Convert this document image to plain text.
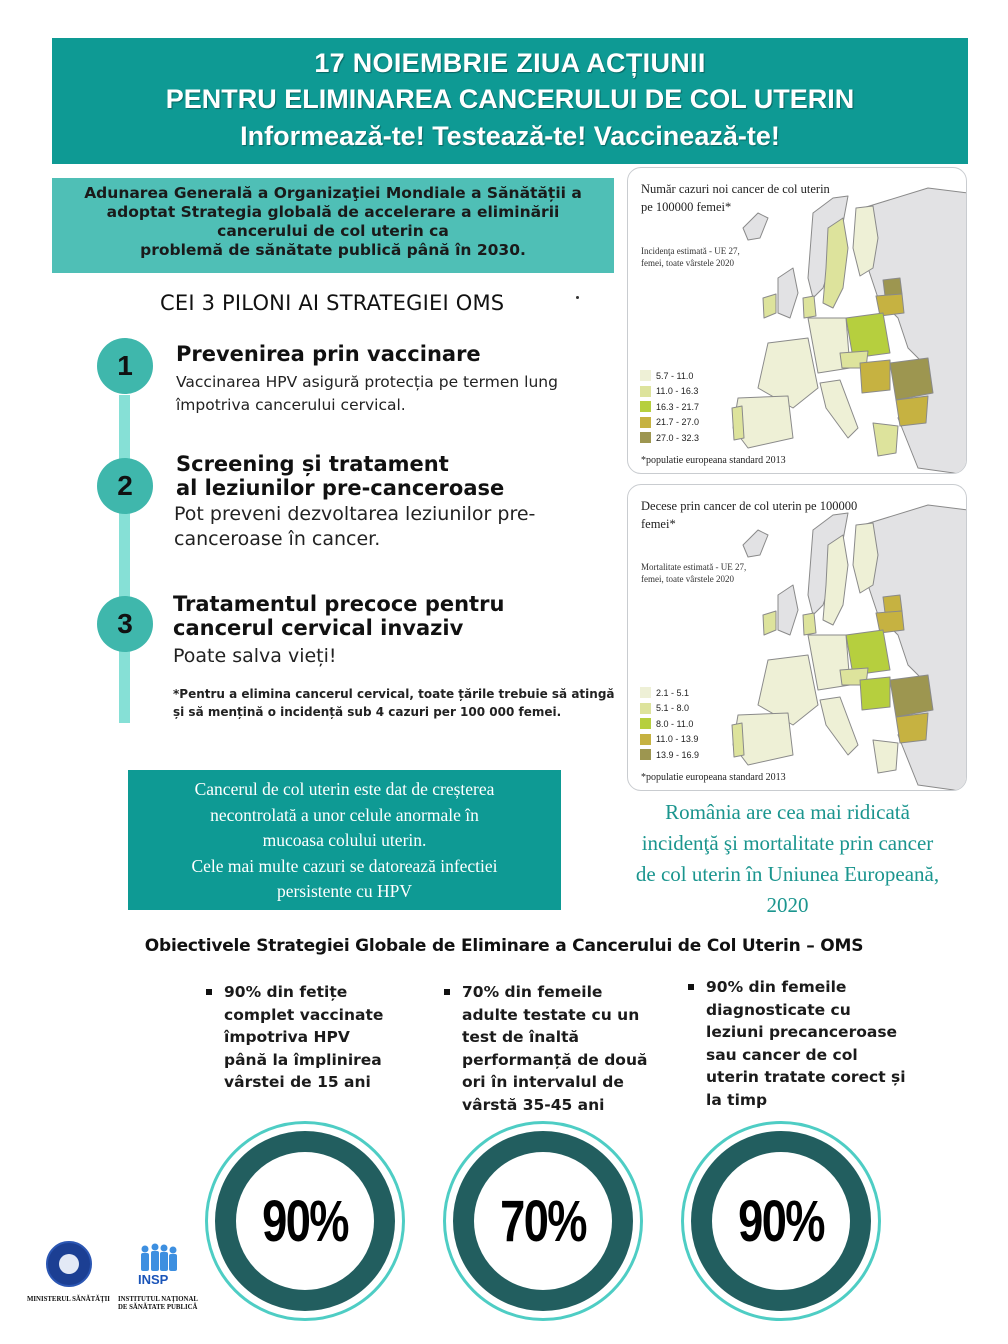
17 NOIEMBRIE ZIUA ACȚIUNII
PENTRU ELIMINAREA CANCERULUI DE COL UTERIN
Informează-te! Testează-te! Vaccinează-te!
Adunarea Generală a Organizaţiei Mondiale a Sănătății a
adoptat Strategia globală de accelerare a eliminării
cancerului de col uterin ca
problemă de sănătate publică până în 2030.
CEI 3 PILONI AI STRATEGIEI OMS
1	Prevenirea prin vaccinare
Vaccinarea HPV asigură protecția pe termen lung
împotriva cancerului cervical.
2
Screening și tratament
al leziunilor pre-canceroase
Pot preveni dezvoltarea leziunilor pre-
canceroase în cancer.
3
Tratamentul precoce pentru
cancerul cervical invaziv
Poate salva vieți!
*Pentru a elimina cancerul cervical, toate țările trebuie să atingă
și să mențină o incidență sub 4 cazuri per 100 000 femei.
Număr cazuri noi cancer de col uterin
pe 100000 femei*
Incidenţa estimată - UE 27,
femei, toate vârstele 2020
5.7 - 11.0
11.0 - 16.3
16.3 - 21.7
21.7 - 27.0
27.0 - 32.3
*populatie europeana standard 2013
Decese prin cancer de col uterin pe 100000
femei*
Mortalitate estimată - UE 27,
femei, toate vârstele 2020
2.1 - 5.1
5.1 - 8.0
8.0 - 11.0
11.0 - 13.9
13.9 - 16.9
*populatie europeana standard 2013
Cancerul de col uterin este dat de creșterea
necontrolată a unor celule anormale în
mucoasa colului uterin.
Cele mai multe cazuri se datorează infectiei
persistente cu HPV
România are cea mai ridicată
incidenţă şi mortalitate prin cancer
de col uterin în Uniunea Europeană,
2020
Obiectivele Strategiei Globale de Eliminare a Cancerului de Col Uterin – OMS
90% din fetițe
complet vaccinate
împotriva HPV
până la împlinirea
vârstei de 15 ani
70% din femeile
adulte testate cu un
test de înaltă
performanță de două
ori în intervalul de
vârstă 35-45 ani
90% din femeile
diagnosticate cu
leziuni precanceroase
sau cancer de col
uterin tratate corect și
la timp
90%	70%	90%
MINISTERUL SĂNĂTĂȚII
INSP
INSTITUTUL NAȚIONAL
DE SĂNĂTATE PUBLICĂ
